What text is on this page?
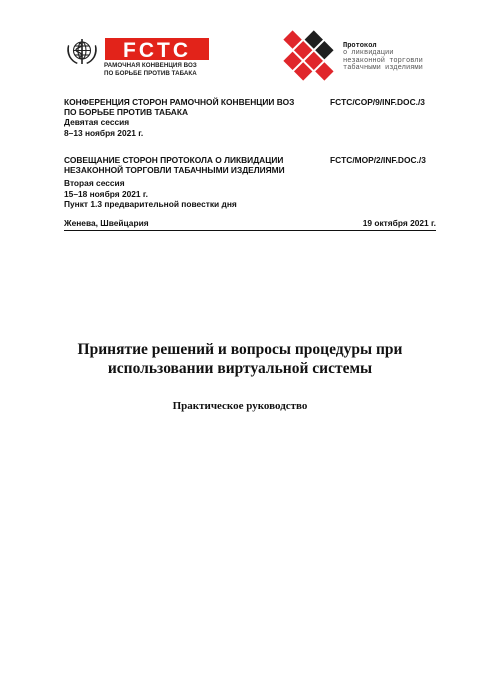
FCTC
РАМОЧНАЯ КОНВЕНЦИЯ ВОЗ
ПО БОРЬБЕ ПРОТИВ ТАБАКА
Протокол
о ликвидации
незаконной торговли
табачными изделиями
КОНФЕРЕНЦИЯ СТОРОН РАМОЧНОЙ КОНВЕНЦИИ ВОЗ
ПО БОРЬБЕ ПРОТИВ ТАБАКА
Девятая сессия
8–13 ноября 2021 г.
FCTC/COP/9/INF.DOC./3
СОВЕЩАНИЕ СТОРОН ПРОТОКОЛА О ЛИКВИДАЦИИ
НЕЗАКОННОЙ ТОРГОВЛИ ТАБАЧНЫМИ ИЗДЕЛИЯМИ
Вторая сессия
15–18 ноября 2021 г.
Пункт 1.3 предварительной повестки дня
FCTC/MOP/2/INF.DOC./3
Женева, Швейцария	19 октября 2021 г.
Принятие решений и вопросы процедуры при
использовании виртуальной системы
Практическое руководство
